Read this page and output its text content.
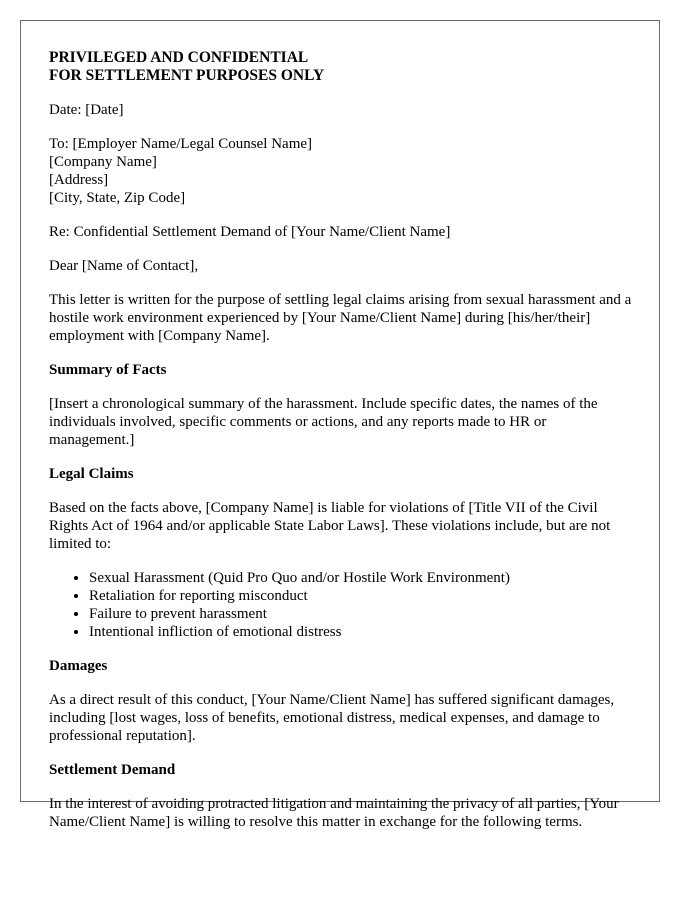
PRIVILEGED AND CONFIDENTIAL
FOR SETTLEMENT PURPOSES ONLY

Date: [Date]

To: [Employer Name/Legal Counsel Name]
[Company Name]
[Address]
[City, State, Zip Code]

Re: Confidential Settlement Demand of [Your Name/Client Name]

Dear [Name of Contact],

This letter is written for the purpose of settling legal claims arising from sexual harassment and a hostile work environment experienced by [Your Name/Client Name] during [his/her/their] employment with [Company Name].

Summary of Facts

[Insert a chronological summary of the harassment. Include specific dates, the names of the individuals involved, specific comments or actions, and any reports made to HR or management.]

Legal Claims

Based on the facts above, [Company Name] is liable for violations of [Title VII of the Civil Rights Act of 1964 and/or applicable State Labor Laws]. These violations include, but are not limited to:

• Sexual Harassment (Quid Pro Quo and/or Hostile Work Environment)
• Retaliation for reporting misconduct
• Failure to prevent harassment
• Intentional infliction of emotional distress
Damages

As a direct result of this conduct, [Your Name/Client Name] has suffered significant damages, including [lost wages, loss of benefits, emotional distress, medical expenses, and damage to professional reputation].

Settlement Demand

In the interest of avoiding protracted litigation and maintaining the privacy of all parties, [Your Name/Client Name] is willing to resolve this matter in exchange for the following terms.
